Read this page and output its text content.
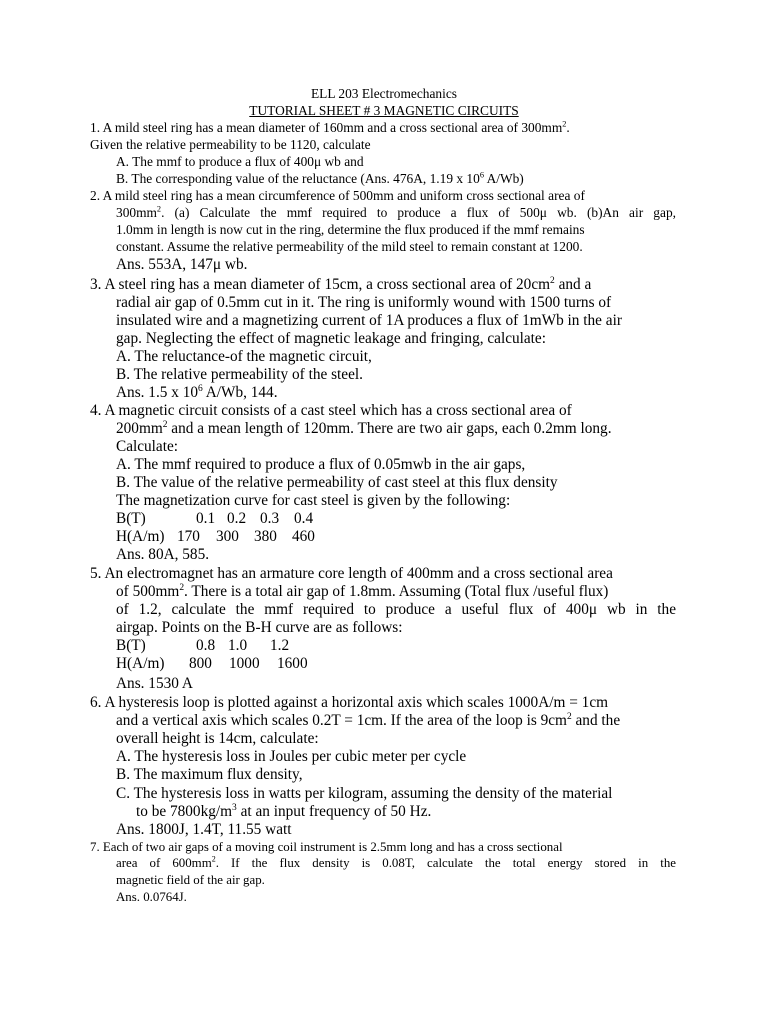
ELL 203 Electromechanics
TUTORIAL SHEET # 3 MAGNETIC CIRCUITS
1. A mild steel ring has a mean diameter of 160mm and a cross sectional area of $300mm^2$.
Given the relative permeability to be 1120, calculate
A. The mmf to produce a flux of 400μ wb and
B. The corresponding value of the reluctance (Ans. 476A, 1.19 x $10^6$ A/Wb)
2. A mild steel ring has a mean circumference of 500mm and uniform cross sectional area of
$300mm^2$. (a) Calculate the mmf required to produce a flux of 500μ wb. (b)An air gap,
1.0mm in length is now cut in the ring, determine the flux produced if the mmf remains
constant. Assume the relative permeability of the mild steel to remain constant at 1200.
Ans. 553A, 147μ wb.
3. A steel ring has a mean diameter of 15cm, a cross sectional area of $20cm^2$ and a
radial air gap of 0.5mm cut in it. The ring is uniformly wound with 1500 turns of
insulated wire and a magnetizing current of 1A produces a flux of 1mWb in the air
gap. Neglecting the effect of magnetic leakage and fringing, calculate:
A. The reluctance-of the magnetic circuit,
B. The relative permeability of the steel.
Ans. 1.5 x $10^6$ A/Wb, 144.
4. A magnetic circuit consists of a cast steel which has a cross sectional area of
$200mm^2$ and a mean length of 120mm. There are two air gaps, each 0.2mm long.
Calculate:
A. The mmf required to produce a flux of 0.05mwb in the air gaps,
B. The value of the relative permeability of cast steel at this flux density
The magnetization curve for cast steel is given by the following:
B(T)	0.1 0.2 0.3 0.4
H(A/m) 170 300 380 460
Ans. 80A, 585.
5. An electromagnet has an armature core length of 400mm and a cross sectional area
of $500mm^2$. There is a total air gap of 1.8mm. Assuming (Total flux /useful flux)
of 1.2, calculate the mmf required to produce a useful flux of 400μ wb in the
airgap. Points on the B-H curve are as follows:
B(T)	0.8 1.0 1.2
H(A/m) 800 1000 1600
Ans. 1530 A
6. A hysteresis loop is plotted against a horizontal axis which scales 1000A/m = 1cm
and a vertical axis which scales 0.2T = 1cm. If the area of the loop is $9cm^2$ and the
overall height is 14cm, calculate:
A. The hysteresis loss in Joules per cubic meter per cycle
B. The maximum flux density,
C. The hysteresis loss in watts per kilogram, assuming the density of the material
to be $7800kg/m^3$ at an input frequency of 50 Hz.
Ans. 1800J, 1.4T, 11.55 watt
7. Each of two air gaps of a moving coil instrument is 2.5mm long and has a cross sectional
area of $600mm^2$. If the flux density is 0.08T, calculate the total energy stored in the
magnetic field of the air gap.
Ans. 0.0764J.
